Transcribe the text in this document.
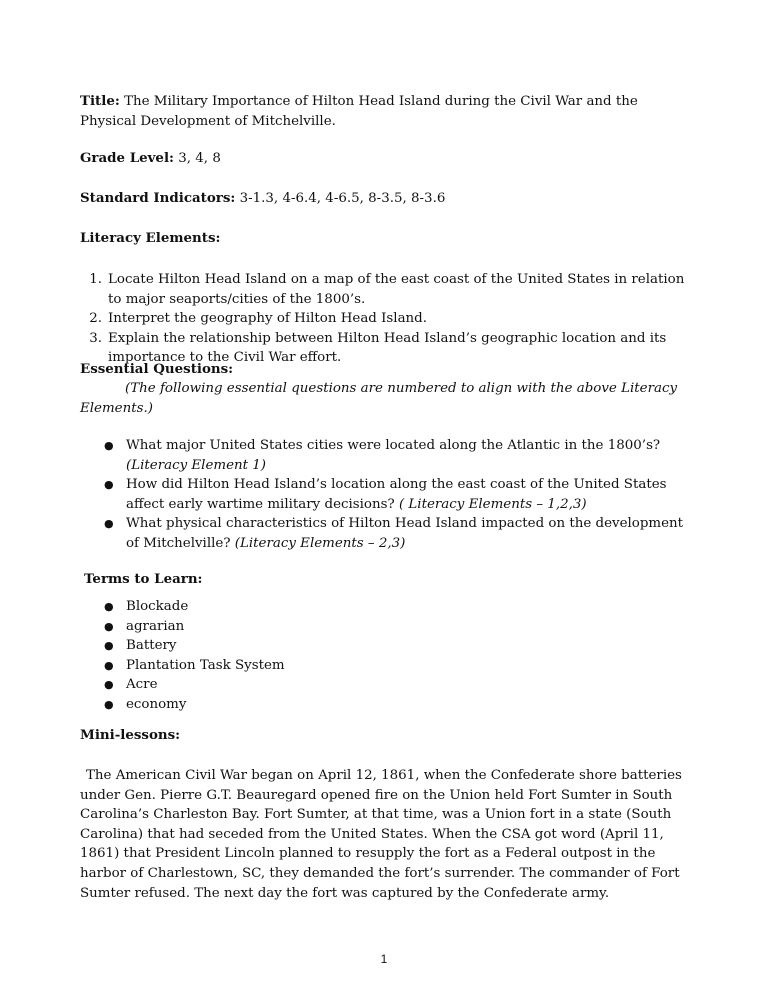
Title: The Military Importance of Hilton Head Island during the Civil War and the Physical Development of Mitchelville.

Grade Level: 3, 4, 8

Standard Indicators: 3-1.3, 4-6.4, 4-6.5, 8-3.5, 8-3.6

Literacy Elements:

1. Locate Hilton Head Island on a map of the east coast of the United States in relation to major seaports/cities of the 1800’s.
2. Interpret the geography of Hilton Head Island.
3. Explain the relationship between Hilton Head Island’s geographic location and its importance to the Civil War effort.

Essential Questions:

(The following essential questions are numbered to align with the above Literacy Elements.)

● What major United States cities were located along the Atlantic in the 1800’s? (Literacy Element 1)
● How did Hilton Head Island’s location along the east coast of the United States affect early wartime military decisions? ( Literacy Elements – 1,2,3)
● What physical characteristics of Hilton Head Island impacted on the development of Mitchelville? (Literacy Elements – 2,3)

Terms to Learn:

● Blockade
● agrarian
● Battery
● Plantation Task System
● Acre
● economy

Mini-lessons:

The American Civil War began on April 12, 1861, when the Confederate shore batteries under Gen. Pierre G.T. Beauregard opened fire on the Union held Fort Sumter in South Carolina’s Charleston Bay. Fort Sumter, at that time, was a Union fort in a state (South Carolina) that had seceded from the United States. When the CSA got word (April 11, 1861) that President Lincoln planned to resupply the fort as a Federal outpost in the harbor of Charlestown, SC, they demanded the fort’s surrender. The commander of Fort Sumter refused. The next day the fort was captured by the Confederate army.

1
